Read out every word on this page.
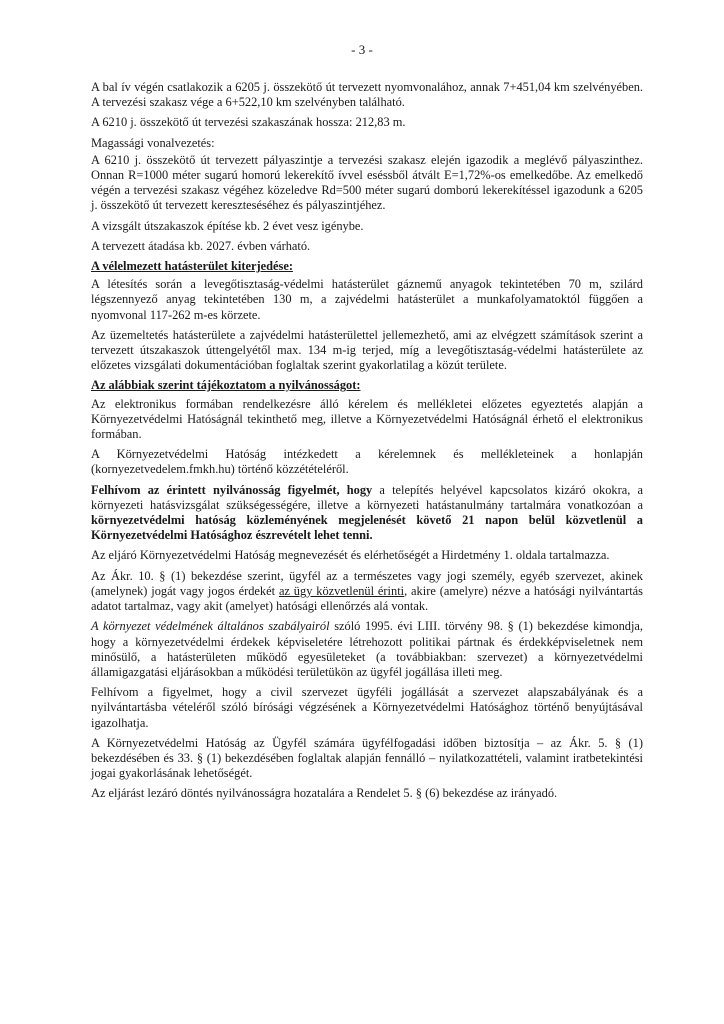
- 3 -

A bal ív végén csatlakozik a 6205 j. összekötő út tervezett nyomvonalához, annak 7+451,04 km szelvényében. A tervezési szakasz vége a 6+522,10 km szelvényben található.

A 6210 j. összekötő út tervezési szakaszának hossza: 212,83 m.

Magassági vonalvezetés:

A 6210 j. összekötő út tervezett pályaszintje a tervezési szakasz elején igazodik a meglévő pályaszinthez. Onnan R=1000 méter sugarú homorú lekerekítő ívvel eséssből átvált E=1,72%-os emelkedőbe. Az emelkedő végén a tervezési szakasz végéhez közeledve Rd=500 méter sugarú domború lekerekítéssel igazodunk a 6205 j. összekötő út tervezett kereszteséséhez és pályaszintjéhez.

A vizsgált útszakaszok építése kb. 2 évet vesz igénybe.

A tervezett átadása kb. 2027. évben várható.

A vélelmezett hatásterület kiterjedése:

A létesítés során a levegőtisztaság-védelmi hatásterület gáznemű anyagok tekintetében 70 m, szilárd légszennyező anyag tekintetében 130 m, a zajvédelmi hatásterület a munkafolyamatoktól függően a nyomvonal 117-262 m-es körzete.

Az üzemeltetés hatásterülete a zajvédelmi hatásterülettel jellemezhető, ami az elvégzett számítások szerint a tervezett útszakaszok úttengelyétől max. 134 m-ig terjed, míg a levegőtisztaság-védelmi hatásterülete az előzetes vizsgálati dokumentációban foglaltak szerint gyakorlatilag a közút területe.

Az alábbiak szerint tájékoztatom a nyilvánosságot:

Az elektronikus formában rendelkezésre álló kérelem és mellékletei előzetes egyeztetés alapján a Környezetvédelmi Hatóságnál tekinthető meg, illetve a Környezetvédelmi Hatóságnál érhető el elektronikus formában.

A Környezetvédelmi Hatóság intézkedett a kérelemnek és mellékleteinek a honlapján (kornyezetvedelem.fmkh.hu) történő közzétételéről.

Felhívom az érintett nyilvánosság figyelmét, hogy a telepítés helyével kapcsolatos kizáró okokra, a környezeti hatásvizsgálat szükségességére, illetve a környezeti hatástanulmány tartalmára vonatkozóan a környezetvédelmi hatóság közleményének megjelenését követő 21 napon belül közvetlenül a Környezetvédelmi Hatósághoz észrevételt lehet tenni.

Az eljáró Környezetvédelmi Hatóság megnevezését és elérhetőségét a Hirdetmény 1. oldala tartalmazza.

Az Ákr. 10. § (1) bekezdése szerint, ügyfél az a természetes vagy jogi személy, egyéb szervezet, akinek (amelynek) jogát vagy jogos érdekét az ügy közvetlenül érinti, akire (amelyre) nézve a hatósági nyilvántartás adatot tartalmaz, vagy akit (amelyet) hatósági ellenőrzés alá vontak.

A környezet védelmének általános szabályairól szóló 1995. évi LIII. törvény 98. § (1) bekezdése kimondja, hogy a környezetvédelmi érdekek képviseletére létrehozott politikai pártnak és érdekképviseletnek nem minősülő, a hatásterületen működő egyesületeket (a továbbiakban: szervezet) a környezetvédelmi államigazgatási eljárásokban a működési területükön az ügyfél jogállása illeti meg.

Felhívom a figyelmet, hogy a civil szervezet ügyféli jogállását a szervezet alapszabályának és a nyilvántartásba vételéről szóló bírósági végzésének a Környezetvédelmi Hatósághoz történő benyújtásával igazolhatja.

A Környezetvédelmi Hatóság az Ügyfél számára ügyfélfogadási időben biztosítja – az Ákr. 5. § (1) bekezdésében és 33. § (1) bekezdésében foglaltak alapján fennálló – nyilatkozattételi, valamint iratbetekintési jogai gyakorlásának lehetőségét.

Az eljárást lezáró döntés nyilvánosságra hozatalára a Rendelet 5. § (6) bekezdése az irányadó.
